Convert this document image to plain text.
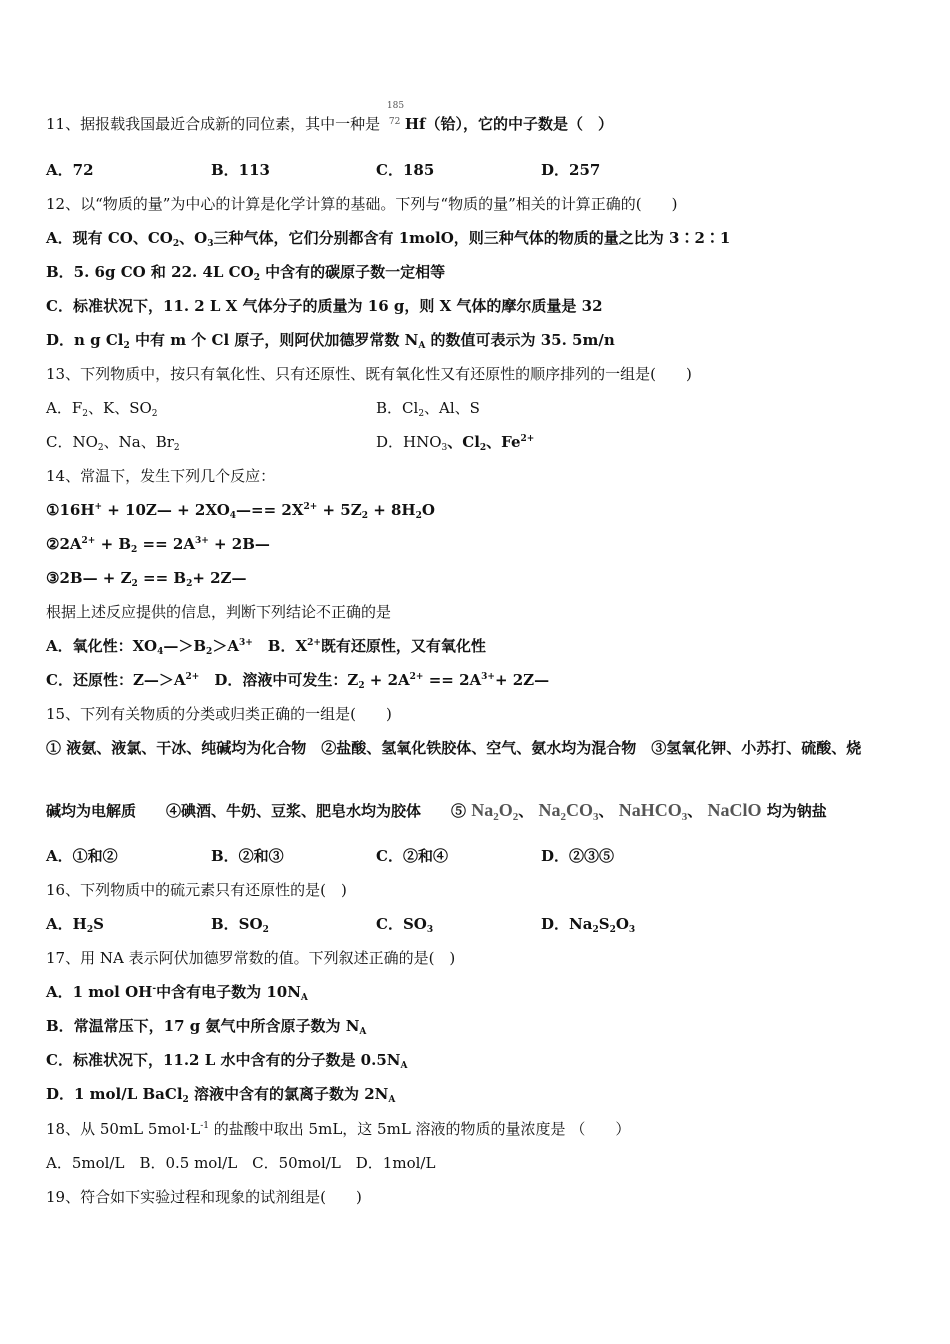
11、据报载我国最近合成新的同位素，其中一种是
185
72 Hf（铪），它的中子数是（　）
A．72	B．113	C．185	D．257
12、以“物质的量”为中心的计算是化学计算的基础。下列与“物质的量”相关的计算正确的(　　)
A．现有 CO、$CO_2$、$O_3$三种气体，它们分别都含有 1molO，则三种气体的物质的量之比为 3∶2∶1
B．5. 6g CO 和 22. 4L $CO_2$ 中含有的碳原子数一定相等
C．标准状况下，11. 2 L X 气体分子的质量为 16 g，则 X 气体的摩尔质量是 32
D．n g $Cl_2$ 中有 m 个 Cl 原子，则阿伏加德罗常数 $N_A$ 的数值可表示为 35. 5m/n
13、下列物质中，按只有氧化性、只有还原性、既有氧化性又有还原性的顺序排列的一组是(　　)
A．$F_2$、K、$SO_2$	B．$Cl_2$、Al、S
C．$NO_2$、Na、$Br_2$	D．$HNO_3$、$Cl_2$、$Fe^{2+}$
14、常温下，发生下列几个反应：
①16H+ + 10Z— + $2XO_4—== 2X^{2+} + 5Z_2 + 8H_2O$
$②2A^{2+} + B_2 == 2A^{3+}$ + 2B—
③2B— + $Z_2 == B_2+$ 2Z—
根据上述反应提供的信息，判断下列结论不正确的是
A．氧化性：$XO_4—>B_2>A^{3+}$　B．$X^{2+}$既有还原性，又有氧化性
C．还原性：$Z—>A^{2+}$　D．溶液中可发生：$Z_2 + 2A^{2+} == 2A^{3+}+$ 2Z—
15、下列有关物质的分类或归类正确的一组是(　　)
① 液氨、液氯、干冰、纯碱均为化合物　②盐酸、氢氧化铁胶体、空气、氨水均为混合物　③氢氧化钾、小苏打、硫酸、烧
碱均为电解质　　④碘酒、牛奶、豆浆、肥皂水均为胶体　　⑤ $Na_2O_2$、 $Na_2CO_3$、 NaHCO$_3$、 NaClO 均为钠盐
A．①和②	B．②和③	C．②和④	D．②③⑤
16、下列物质中的硫元素只有还原性的是(　)
A．$H_2S$	B．$SO_2$	C．$SO_3$	D．$Na_2S_2O_3$
17、用 NA 表示阿伏加德罗常数的值。下列叙述正确的是(　)
A．1 mol OH-中含有电子数为 $10N_A$
B．常温常压下，17 g 氨气中所含原子数为 $N_A$
C．标准状况下，11.2 L 水中含有的分子数是 $0.5N_A$
D．1 mol/L BaCl$_2$ 溶液中含有的氯离子数为 $2N_A$
18、从 50mL $5mol\cdot L^{-1}$ 的盐酸中取出 5mL，这 5mL 溶液的物质的量浓度是 （　　）
A．5mol/L　B．0.5 mol/L　C．50mol/L　D．1mol/L
19、符合如下实验过程和现象的试剂组是(　　)
